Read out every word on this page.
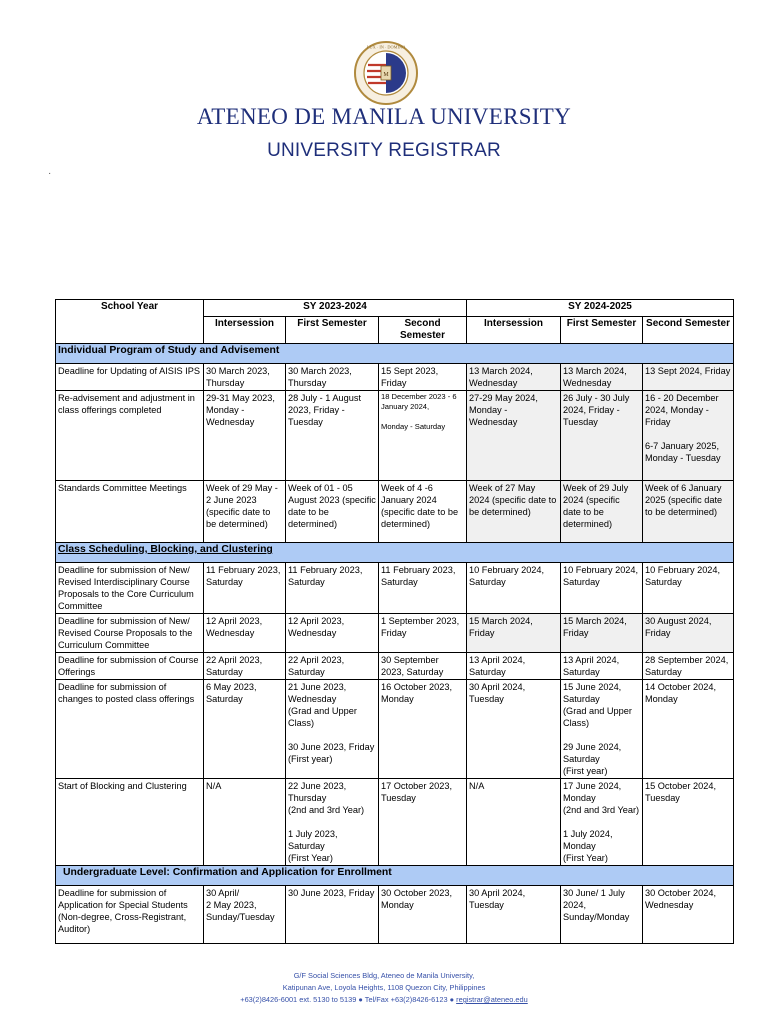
M
LUX · IN · DOMINO
ATENEO DE MANILA UNIVERSITY
UNIVERSITY REGISTRAR
·
School Year	SY 2023-2024			SY 2024-2025		
	Intersession	First Semester	Second Semester	Intersession	First Semester	Second Semester
Individual Program of Study and Advisement						
Deadline for Updating of AISIS IPS	30 March 2023, Thursday	30 March 2023, Thursday	15 Sept 2023, Friday	13 March 2024, Wednesday	13 March 2024, Wednesday	13 Sept 2024, Friday
Re-advisement and adjustment in class offerings completed	29-31 May 2023, Monday - Wednesday	28 July - 1 August 2023, Friday - Tuesday	18 December 2023 - 6 January 2024,

Monday - Saturday	27-29 May 2024, Monday - Wednesday	26 July - 30 July 2024, Friday - Tuesday	16 - 20 December 2024, Monday - Friday

6-7 January 2025, Monday - Tuesday
Standards Committee Meetings	Week of 29 May - 2 June 2023 (specific date to be determined)	Week of 01 - 05 August 2023 (specific date to be determined)	Week of 4 -6 January 2024 (specific date to be determined)	Week of 27 May 2024 (specific date to be determined)	Week of 29 July 2024 (specific date to be determined)	Week of 6 January 2025 (specific date to be determined)
Class Scheduling, Blocking, and Clustering						
Deadline for submission of New/ Revised Interdisciplinary Course Proposals to the Core Curriculum Committee	11 February 2023, Saturday	11 February 2023, Saturday	11 February 2023, Saturday	10 February 2024, Saturday	10 February 2024, Saturday	10 February 2024, Saturday
Deadline for submission of New/ Revised Course Proposals to the Curriculum Committee	12 April 2023, Wednesday	12 April 2023, Wednesday	1 September 2023, Friday	15 March 2024, Friday	15 March 2024, Friday	30 August 2024, Friday
Deadline for submission of Course Offerings	22 April 2023, Saturday	22 April 2023, Saturday	30 September 2023, Saturday	13 April 2024, Saturday	13 April 2024, Saturday	28 September 2024, Saturday
Deadline for submission of changes to posted class offerings	6 May 2023, Saturday	21 June 2023, Wednesday
(Grad and Upper Class)

30 June 2023, Friday
(First year)	16 October 2023, Monday	30 April 2024, Tuesday	15 June 2024, Saturday
(Grad and Upper Class)

29 June 2024, Saturday
(First year)	14 October 2024, Monday
Start of Blocking and Clustering	N/A	22 June 2023, Thursday
(2nd and 3rd Year)

1 July 2023, Saturday
(First Year)	17 October 2023, Tuesday	N/A	17 June 2024, Monday
(2nd and 3rd Year)

1 July 2024, Monday
(First Year)	15 October 2024, Tuesday
Undergraduate Level: Confirmation and Application for Enrollment						
Deadline for submission of Application for Special Students (Non-degree, Cross-Registrant, Auditor)	30 April/
2 May 2023, Sunday/Tuesday	30 June 2023, Friday	30 October 2023, Monday	30 April 2024, Tuesday	30 June/ 1 July 2024, Sunday/Monday	30 October 2024, Wednesday
G/F Social Sciences Bldg, Ateneo de Manila University,
Katipunan Ave, Loyola Heights, 1108 Quezon City, Philippines
+63(2)8426-6001 ext. 5130 to 5139 ● Tel/Fax +63(2)8426-6123 ● registrar@ateneo.edu
